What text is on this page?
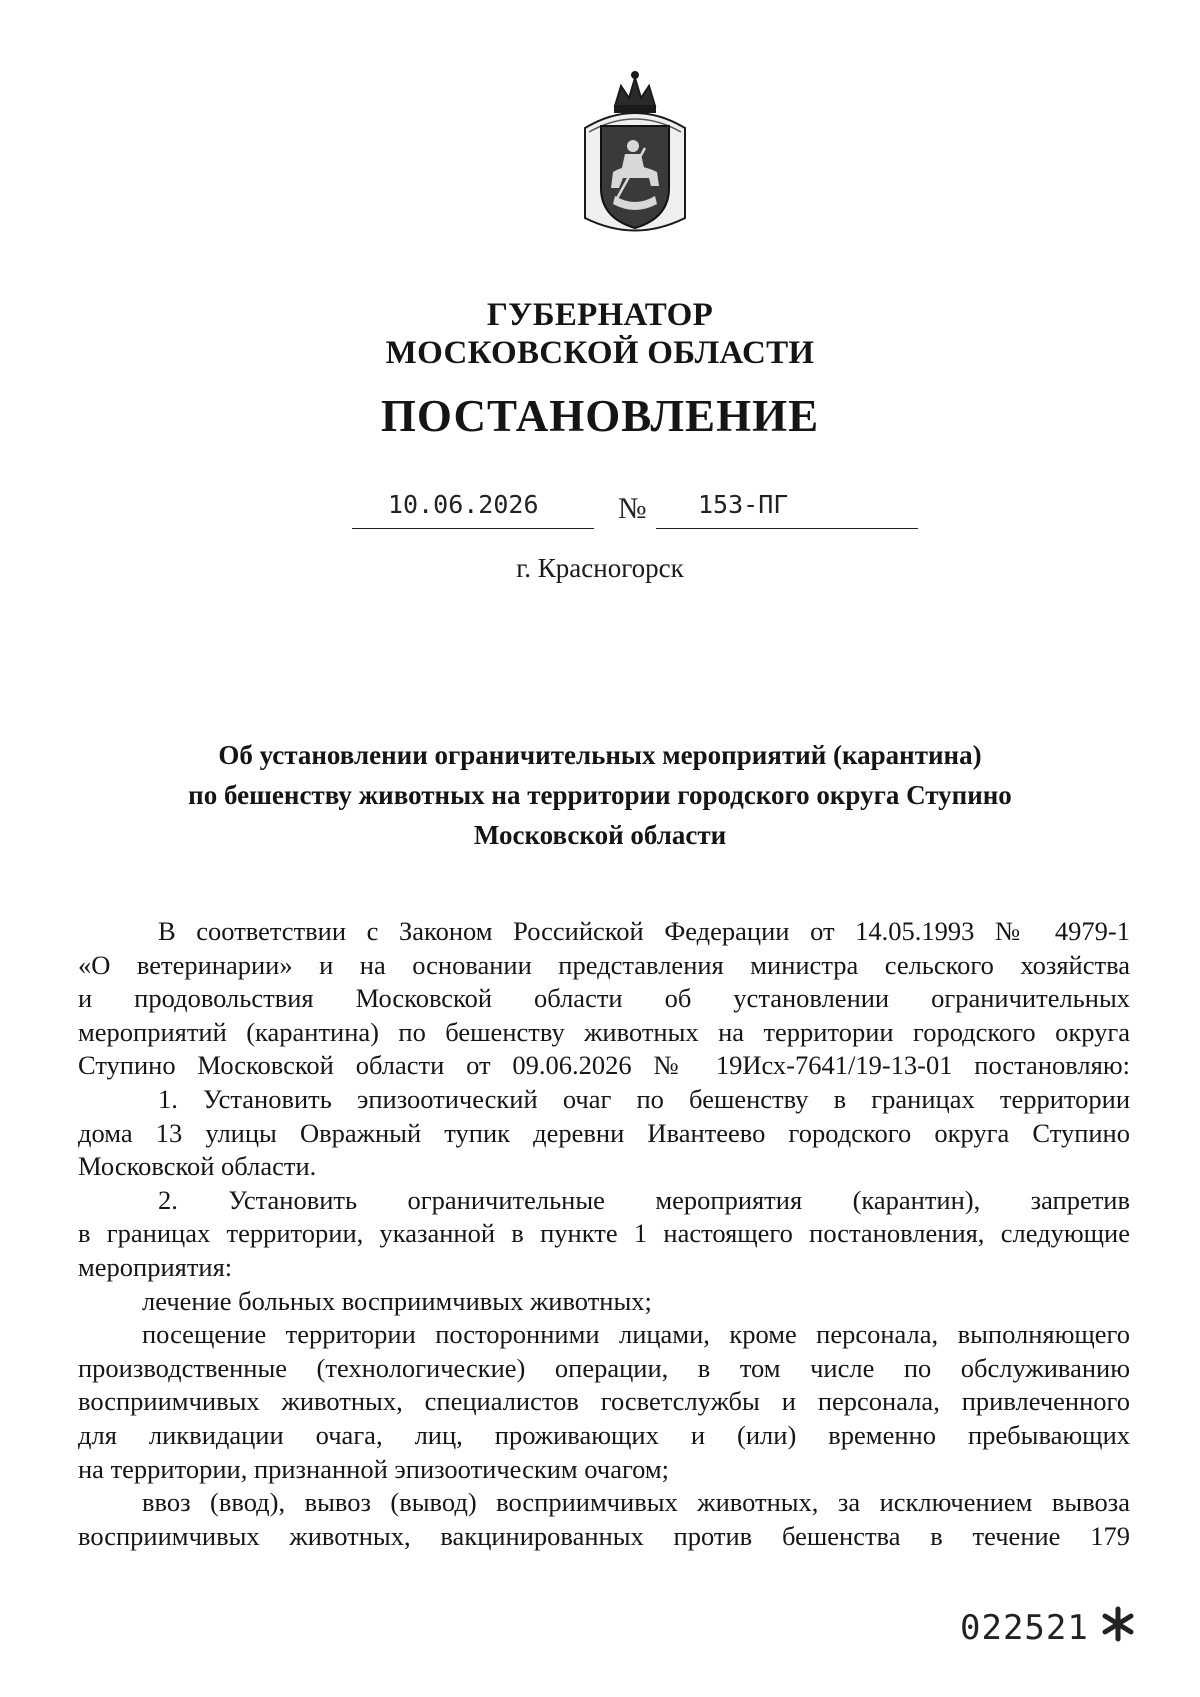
ГУБЕРНАТОР
МОСКОВСКОЙ ОБЛАСТИ
ПОСТАНОВЛЕНИЕ
10.06.2026	№ 153-ПГ
г. Красногорск
Об установлении ограничительных мероприятий (карантина)
по бешенству животных на территории городского округа Ступино
Московской области
В соответствии с Законом Российской Федерации от 14.05.1993 № 4979-1
«О ветеринарии» и на основании представления министра сельского хозяйства
и продовольствия Московской области об установлении ограничительных
мероприятий (карантина) по бешенству животных на территории городского округа
Ступино Московской области от 09.06.2026 № 19Исх-7641/19-13-01 постановляю:
1. Установить эпизоотический очаг по бешенству в границах территории
дома 13 улицы Овражный тупик деревни Ивантеево городского округа Ступино
Московской области.
2. Установить ограничительные мероприятия (карантин), запретив
в границах территории, указанной в пункте 1 настоящего постановления, следующие
мероприятия:
лечение больных восприимчивых животных;
посещение территории посторонними лицами, кроме персонала, выполняющего
производственные (технологические) операции, в том числе по обслуживанию
восприимчивых животных, специалистов госветслужбы и персонала, привлеченного
для ликвидации очага, лиц, проживающих и (или) временно пребывающих
на территории, признанной эпизоотическим очагом;
ввоз (ввод), вывоз (вывод) восприимчивых животных, за исключением вывоза
восприимчивых животных, вакцинированных против бешенства в течение 179
022521
